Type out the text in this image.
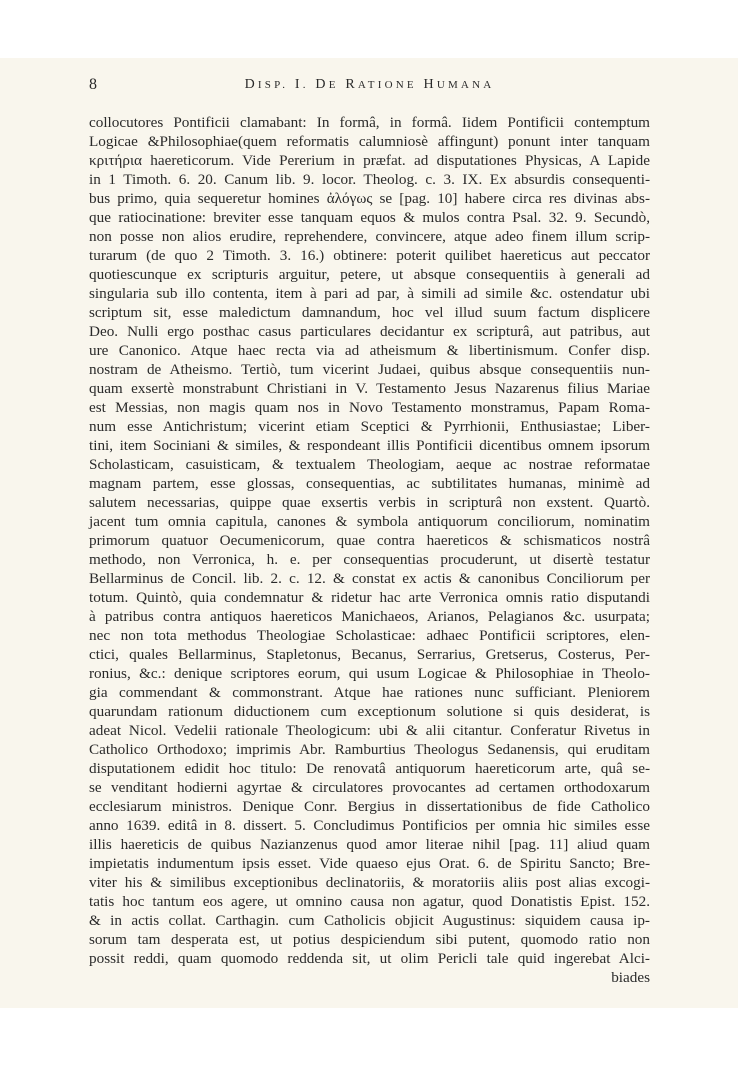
8	DISP. I. DE RATIONE HUMANA

collocutores Pontificii clamabant: In formâ, in formâ. Iidem Pontificii contemptum

Logicae &Philosophiae(quem reformatis calumniosè affingunt) ponunt inter tanquam

κριτήρια haereticorum. Vide Pererium in præfat. ad disputationes Physicas, A Lapide

in 1 Timoth. 6. 20. Canum lib. 9. locor. Theolog. c. 3. IX. Ex absurdis consequenti-

bus primo, quia sequeretur homines ἀλόγως se [pag. 10] habere circa res divinas abs-

que ratiocinatione: breviter esse tanquam equos & mulos contra Psal. 32. 9. Secundò,

non posse non alios erudire, reprehendere, convincere, atque adeo finem illum scrip-

turarum (de quo 2 Timoth. 3. 16.) obtinere: poterit quilibet haereticus aut peccator

quotiescunque ex scripturis arguitur, petere, ut absque consequentiis à generali ad

singularia sub illo contenta, item à pari ad par, à simili ad simile &c. ostendatur ubi

scriptum sit, esse maledictum damnandum, hoc vel illud suum factum displicere

Deo. Nulli ergo posthac casus particulares decidantur ex scripturâ, aut patribus, aut

ure Canonico. Atque haec recta via ad atheismum & libertinismum. Confer disp.

nostram de Atheismo. Tertiò, tum vicerint Judaei, quibus absque consequentiis nun-

quam exsertè monstrabunt Christiani in V. Testamento Jesus Nazarenus filius Mariae

est Messias, non magis quam nos in Novo Testamento monstramus, Papam Roma-

num esse Antichristum; vicerint etiam Sceptici & Pyrrhionii, Enthusiastae; Liber-

tini, item Sociniani & similes, & respondeant illis Pontificii dicentibus omnem ipsorum

Scholasticam, casuisticam, & textualem Theologiam, aeque ac nostrae reformatae

magnam partem, esse glossas, consequentias, ac subtilitates humanas, minimè ad

salutem necessarias, quippe quae exsertis verbis in scripturâ non exstent. Quartò.

jacent tum omnia capitula, canones & symbola antiquorum conciliorum, nominatim

primorum quatuor Oecumenicorum, quae contra haereticos & schismaticos nostrâ

methodo, non Verronica, h. e. per consequentias procuderunt, ut disertè testatur

Bellarminus de Concil. lib. 2. c. 12. & constat ex actis & canonibus Conciliorum per

totum. Quintò, quia condemnatur & ridetur hac arte Verronica omnis ratio disputandi

à patribus contra antiquos haereticos Manichaeos, Arianos, Pelagianos &c. usurpata;

nec non tota methodus Theologiae Scholasticae: adhaec Pontificii scriptores, elen-

ctici, quales Bellarminus, Stapletonus, Becanus, Serrarius, Gretserus, Costerus, Per-

ronius, &c.: denique scriptores eorum, qui usum Logicae & Philosophiae in Theolo-

gia commendant & commonstrant. Atque hae rationes nunc sufficiant. Pleniorem

quarundam rationum diductionem cum exceptionum solutione si quis desiderat, is

adeat Nicol. Vedelii rationale Theologicum: ubi & alii citantur. Conferatur Rivetus in

Catholico Orthodoxo; imprimis Abr. Ramburtius Theologus Sedanensis, qui eruditam

disputationem edidit hoc titulo: De renovatâ antiquorum haereticorum arte, quâ se-

se venditant hodierni agyrtae & circulatores provocantes ad certamen orthodoxarum

ecclesiarum ministros. Denique Conr. Bergius in dissertationibus de fide Catholico

anno 1639. editâ in 8. dissert. 5. Concludimus Pontificios per omnia hic similes esse

illis haereticis de quibus Nazianzenus quod amor literae nihil [pag. 11] aliud quam

impietatis indumentum ipsis esset. Vide quaeso ejus Orat. 6. de Spiritu Sancto; Bre-

viter his & similibus exceptionibus declinatoriis, & moratoriis aliis post alias excogi-

tatis hoc tantum eos agere, ut omnino causa non agatur, quod Donatistis Epist. 152.

& in actis collat. Carthagin. cum Catholicis objicit Augustinus: siquidem causa ip-

sorum tam desperata est, ut potius despiciendum sibi putent, quomodo ratio non

possit reddi, quam quomodo reddenda sit, ut olim Pericli tale quid ingerebat Alci-

biades
